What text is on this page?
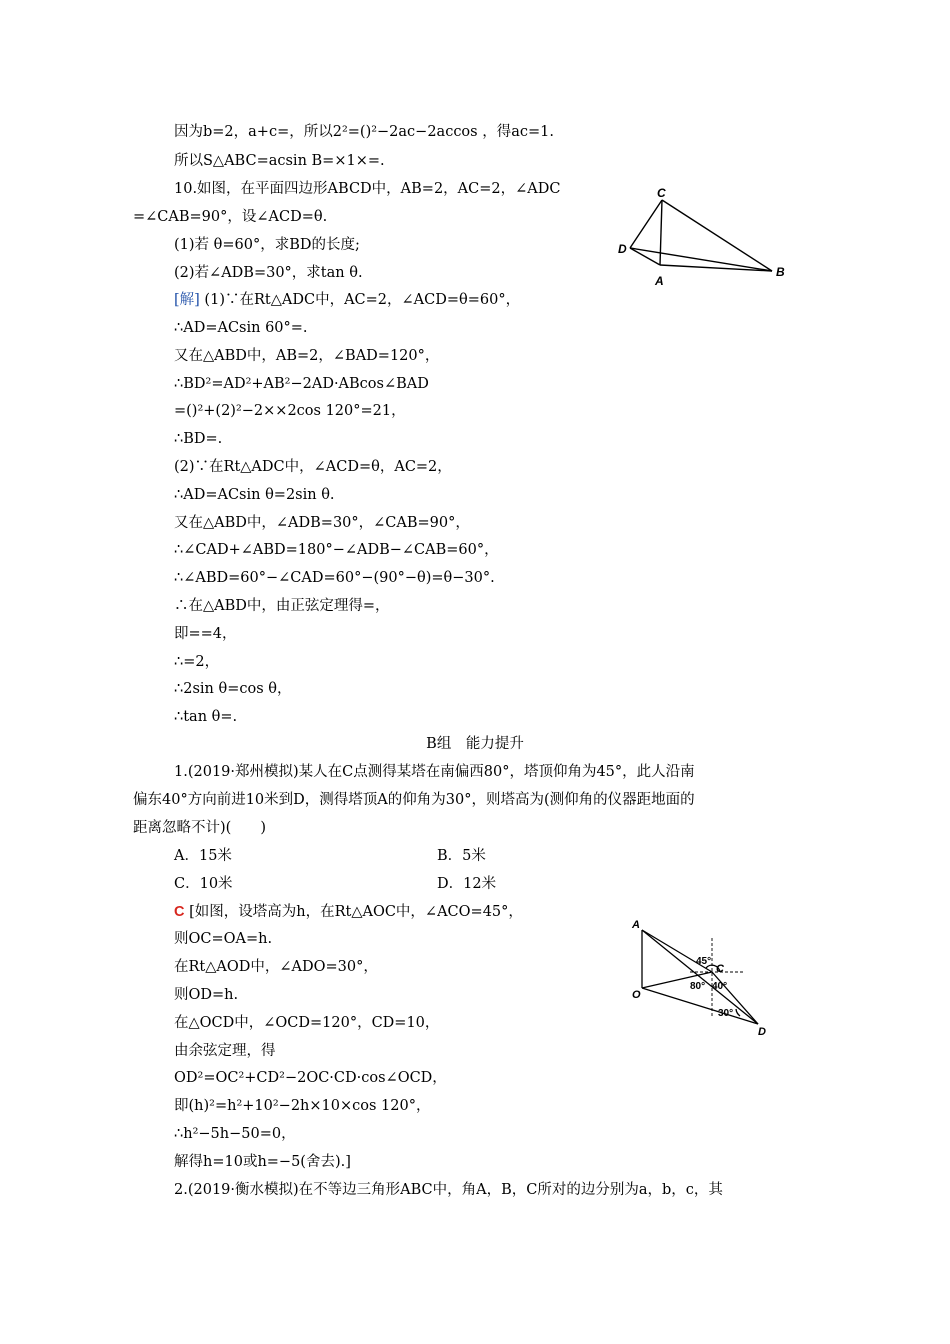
因为b=2，a+c=，所以2²=()²−2ac−2accos ，得ac=1.
所以S△ABC=acsin B=×1×=.
10.如图，在平面四边形ABCD中，AB=2，AC=2，∠ADC
=∠CAB=90°，设∠ACD=θ.
(1)若 θ=60°，求BD的长度;
(2)若∠ADB=30°，求tan θ.
[解] (1)∵在Rt△ADC中，AC=2，∠ACD=θ=60°，
∴AD=ACsin 60°=.
又在△ABD中，AB=2，∠BAD=120°，
∴BD²=AD²+AB²−2AD·ABcos∠BAD
=()²+(2)²−2××2cos 120°=21，
∴BD=.
(2)∵在Rt△ADC中，∠ACD=θ，AC=2，
∴AD=ACsin θ=2sin θ.
又在△ABD中，∠ADB=30°，∠CAB=90°，
∴∠CAD+∠ABD=180°−∠ADB−∠CAB=60°，
∴∠ABD=60°−∠CAD=60°−(90°−θ)=θ−30°.
∴在△ABD中，由正弦定理得=，
即==4，
∴=2，
∴2sin θ=cos θ，
∴tan θ=.
C
D
A
B
B组　能力提升
1.(2019·郑州模拟)某人在C点测得某塔在南偏西80°，塔顶仰角为45°，此人沿南
偏东40°方向前进10米到D，测得塔顶A的仰角为30°，则塔高为(测仰角的仪器距地面的
距离忽略不计)(　　)
A．15米	B．5米
C．10米	D．12米
C [如图，设塔高为h，在Rt△AOC中，∠ACO=45°，
则OC=OA=h.
在Rt△AOD中，∠ADO=30°，
则OD=h.
在△OCD中，∠OCD=120°，CD=10，
由余弦定理，得
OD²=OC²+CD²−2OC·CD·cos∠OCD，
即(h)²=h²+10²−2h×10×cos 120°，
∴h²−5h−50=0，
解得h=10或h=−5(舍去).]
2.(2019·衡水模拟)在不等边三角形ABC中，角A，B，C所对的边分别为a，b，c，其
A
O
C
D
45°
40°
80°
30°
